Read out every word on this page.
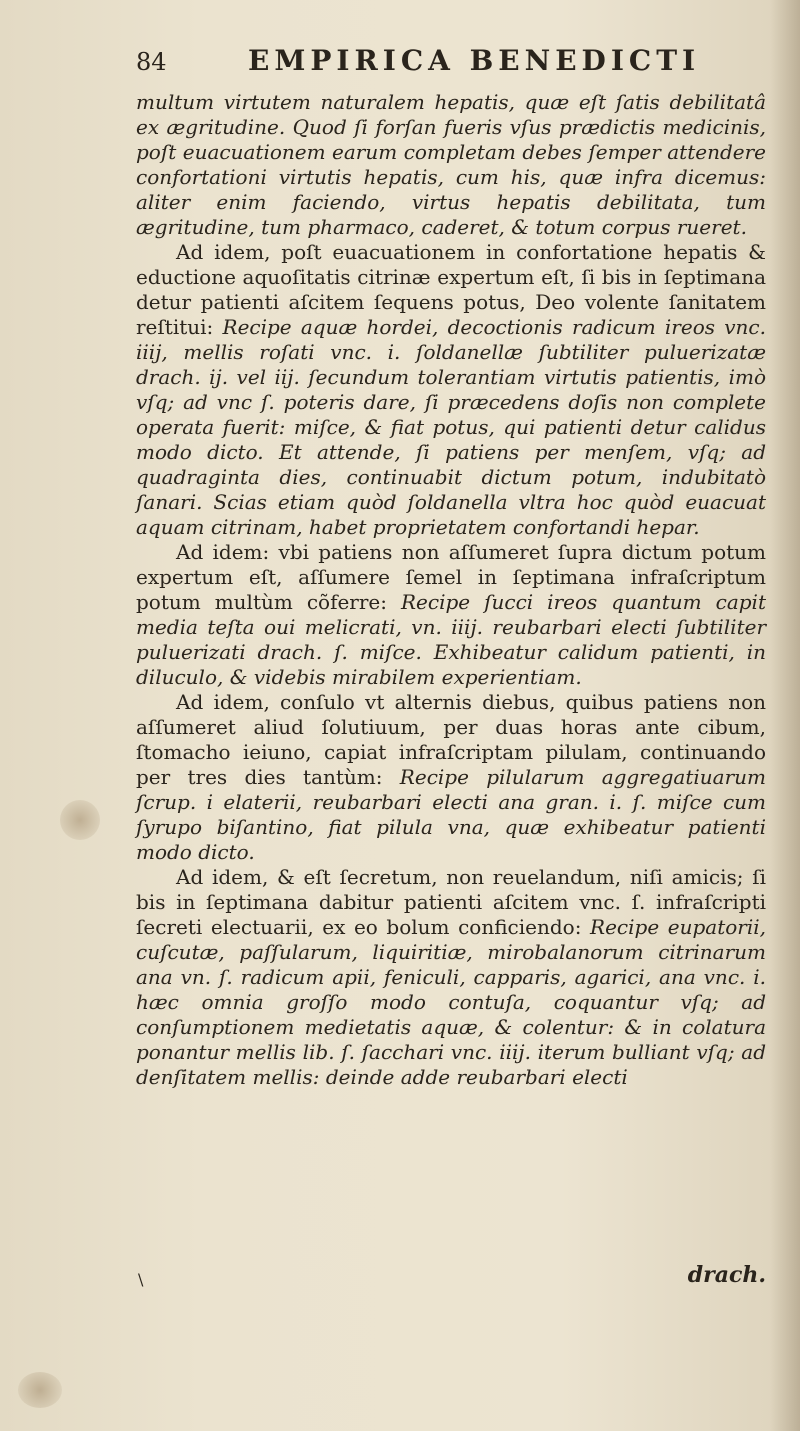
84	EMPIRICA BENEDICTI

multum virtutem naturalem hepatis, quæ eſt ſatis debilitatâ ex ægritudine. Quod ſi forſan fueris vſus prædictis medicinis, poſt euacuationem earum completam debes ſemper attendere confortationi virtutis hepatis, cum his, quæ infra dicemus: aliter enim faciendo, virtus hepatis debilitata, tum ægritudine, tum pharmaco, caderet, & totum corpus rueret.

Ad idem, poſt euacuationem in confortatione hepatis & eductione aquoſitatis citrinæ expertum eſt, ſi bis in ſeptimana detur patienti aſcitem ſequens potus, Deo volente ſanitatem reſtitui: Recipe aquæ hordei, decoctionis radicum ireos vnc. iiij, mellis roſati vnc. i. ſoldanellæ ſubtiliter puluerizatæ drach. ij. vel iij. ſecundum tolerantiam virtutis patientis, imò vſq; ad vnc ſ. poteris dare, ſi præcedens doſis non complete operata fuerit: miſce, & fiat potus, qui patienti detur calidus modo dicto. Et attende, ſi patiens per menſem, vſq; ad quadraginta dies, continuabit dictum potum, indubitatò ſanari. Scias etiam quòd ſoldanella vltra hoc quòd euacuat aquam citrinam, habet proprietatem confortandi hepar.

Ad idem: vbi patiens non aſſumeret ſupra dictum potum expertum eſt, aſſumere ſemel in ſeptimana infraſcriptum potum multùm cõferre: Recipe ſucci ireos quantum capit media teſta oui melicrati, vn. iiij. reubarbari electi ſubtiliter puluerizati drach. ſ. miſce. Exhibeatur calidum patienti, in diluculo, & videbis mirabilem experientiam.

Ad idem, conſulo vt alternis diebus, quibus patiens non aſſumeret aliud ſolutiuum, per duas horas ante cibum, ſtomacho ieiuno, capiat infraſcriptam pilulam, continuando per tres dies tantùm: Recipe pilularum aggregatiuarum ſcrup. i elaterii, reubarbari electi ana gran. i. ſ. miſce cum ſyrupo biſantino, fiat pilula vna, quæ exhibeatur patienti modo dicto.

Ad idem, & eſt ſecretum, non reuelandum, niſi amicis; ſi bis in ſeptimana dabitur patienti aſcitem vnc. ſ. infraſcripti ſecreti electuarii, ex eo bolum conficiendo: Recipe eupatorii, cuſcutæ, paſſularum, liquiritiæ, mirobalanorum citrinarum ana vn. ſ. radicum apii, feniculi, capparis, agarici, ana vnc. i. hæc omnia groſſo modo contuſa, coquantur vſq; ad conſumptionem medietatis aquæ, & colentur: & in colatura ponantur mellis lib. ſ. ſacchari vnc. iiij. iterum bulliant vſq; ad denſitatem mellis: deinde adde reubarbari electi

\	drach.
